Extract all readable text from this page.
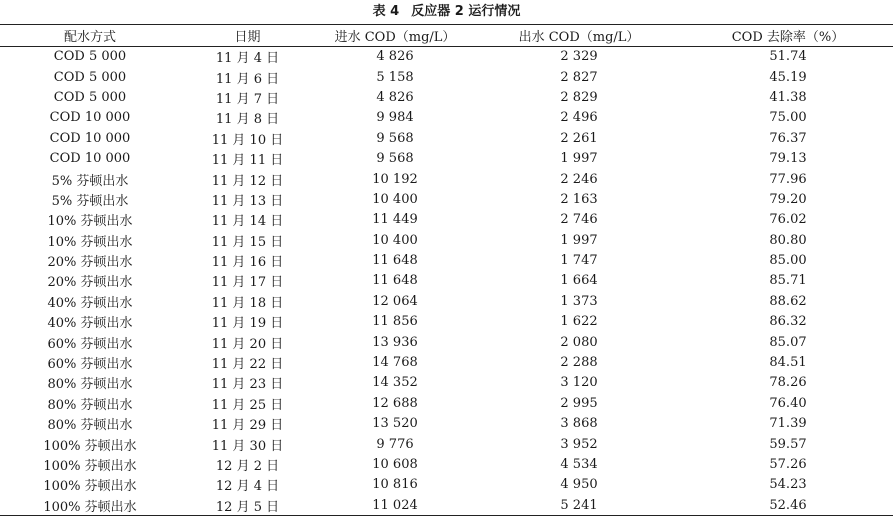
表 4 反应器 2 运行情况
配水方式	日期	进水 COD（mg/L）	出水 COD（mg/L）	COD 去除率（%）
COD 5 000	11 月 4 日	4 826	2 329	51.74
COD 5 000	11 月 6 日	5 158	2 827	45.19
COD 5 000	11 月 7 日	4 826	2 829	41.38
COD 10 000	11 月 8 日	9 984	2 496	75.00
COD 10 000	11 月 10 日	9 568	2 261	76.37
COD 10 000	11 月 11 日	9 568	1 997	79.13
5% 芬顿出水	11 月 12 日	10 192	2 246	77.96
5% 芬顿出水	11 月 13 日	10 400	2 163	79.20
10% 芬顿出水	11 月 14 日	11 449	2 746	76.02
10% 芬顿出水	11 月 15 日	10 400	1 997	80.80
20% 芬顿出水	11 月 16 日	11 648	1 747	85.00
20% 芬顿出水	11 月 17 日	11 648	1 664	85.71
40% 芬顿出水	11 月 18 日	12 064	1 373	88.62
40% 芬顿出水	11 月 19 日	11 856	1 622	86.32
60% 芬顿出水	11 月 20 日	13 936	2 080	85.07
60% 芬顿出水	11 月 22 日	14 768	2 288	84.51
80% 芬顿出水	11 月 23 日	14 352	3 120	78.26
80% 芬顿出水	11 月 25 日	12 688	2 995	76.40
80% 芬顿出水	11 月 29 日	13 520	3 868	71.39
100% 芬顿出水	11 月 30 日	9 776	3 952	59.57
100% 芬顿出水	12 月 2 日	10 608	4 534	57.26
100% 芬顿出水	12 月 4 日	10 816	4 950	54.23
100% 芬顿出水	12 月 5 日	11 024	5 241	52.46
